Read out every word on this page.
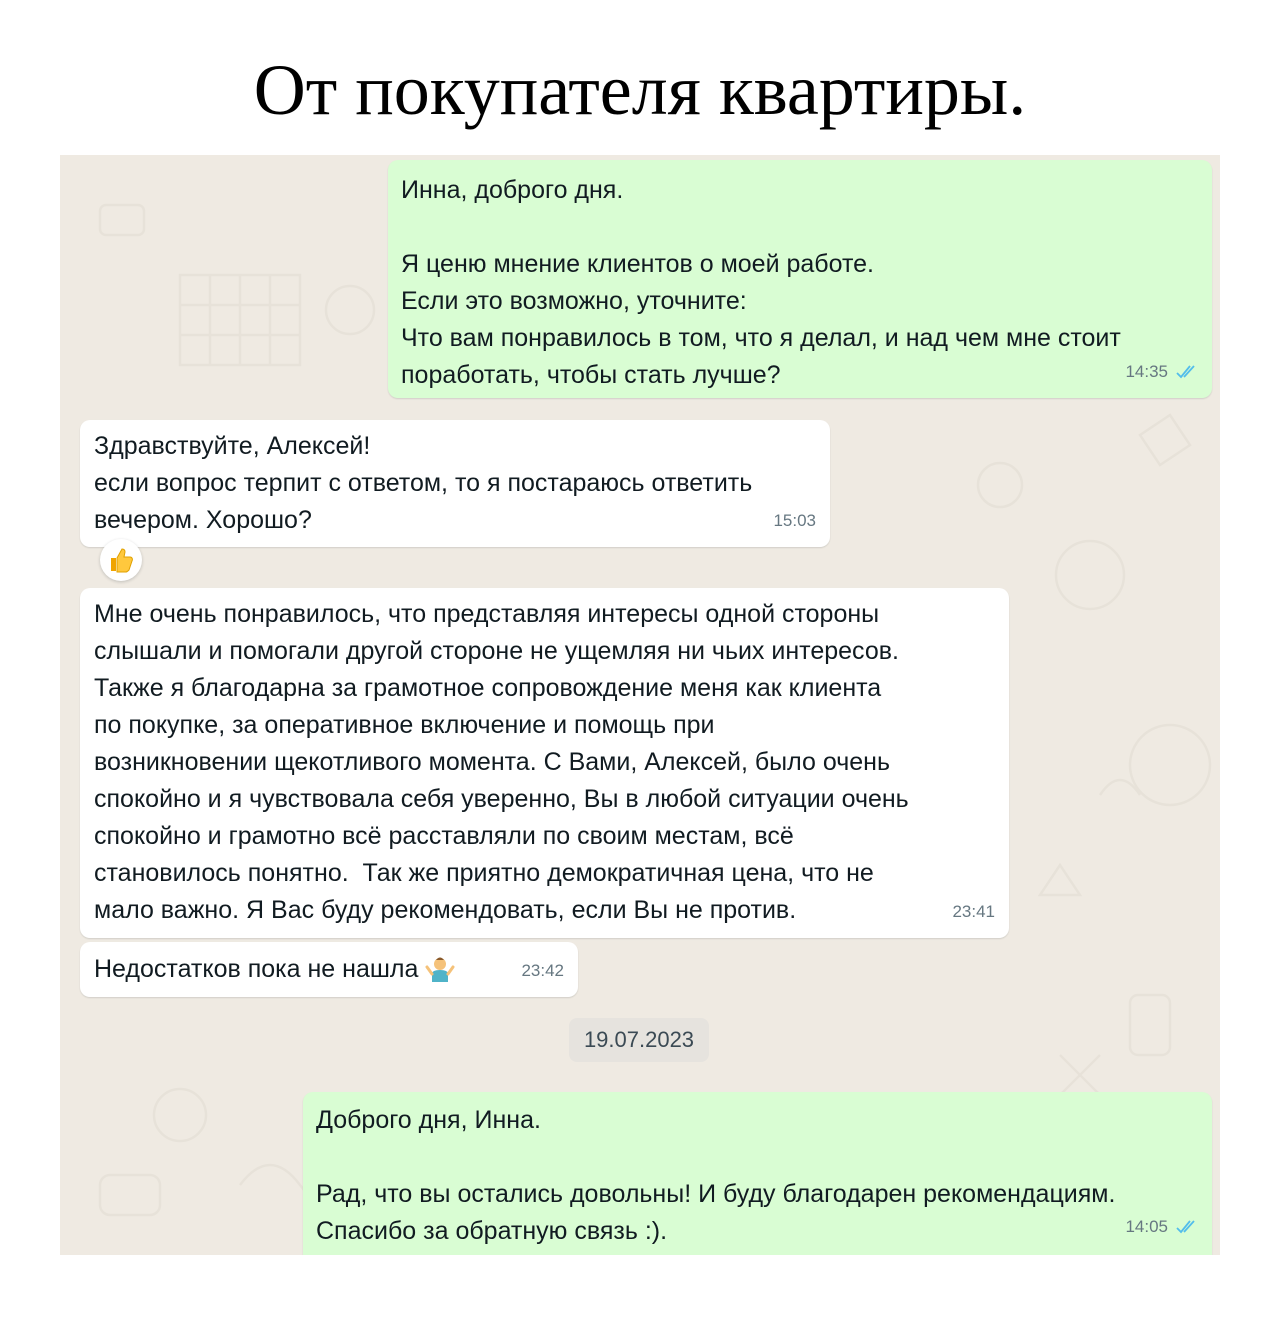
От покупателя квартиры.
Инна, доброго дня.

Я ценю мнение клиентов о моей работе.
Если это возможно, уточните:
Что вам понравилось в том, что я делал, и над чем мне стоит
поработать, чтобы стать лучше?	14:35
Здравствуйте, Алексей!
если вопрос терпит с ответом, то я постараюсь ответить
вечером. Хорошо?	15:03
Мне очень понравилось, что представляя интересы одной стороны
слышали и помогали другой стороне не ущемляя ни чьих интересов.
Также я благодарна за грамотное сопровождение меня как клиента
по покупке, за оперативное включение и помощь при
возникновении щекотливого момента. С Вами, Алексей, было очень
спокойно и я чувствовала себя уверенно, Вы в любой ситуации очень
спокойно и грамотно всё расставляли по своим местам, всё
становилось понятно.  Так же приятно демократичная цена, что не
мало важно. Я Вас буду рекомендовать, если Вы не против.	23:41
Недостатков пока не нашла	23:42
19.07.2023
Доброго дня, Инна.

Рад, что вы остались довольны! И буду благодарен рекомендациям.
Спасибо за обратную связь :).	14:05
